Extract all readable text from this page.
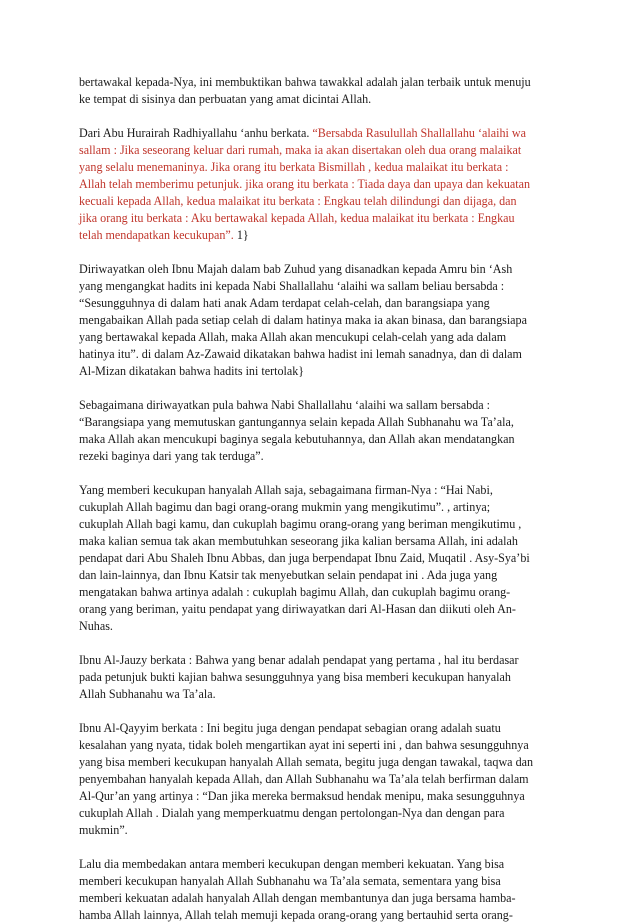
bertawakal kepada-Nya, ini membuktikan bahwa tawakkal adalah jalan terbaik untuk menuju
ke tempat di sisinya dan perbuatan yang amat dicintai Allah.
Dari Abu Hurairah Radhiyallahu ‘anhu berkata. “Bersabda Rasulullah Shallallahu ‘alaihi wa
sallam : Jika seseorang keluar dari rumah, maka ia akan disertakan oleh dua orang malaikat
yang selalu menemaninya. Jika orang itu berkata Bismillah , kedua malaikat itu berkata :
Allah telah memberimu petunjuk. jika orang itu berkata : Tiada daya dan upaya dan kekuatan
kecuali kepada Allah, kedua malaikat itu berkata : Engkau telah dilindungi dan dijaga, dan
jika orang itu berkata : Aku bertawakal kepada Allah, kedua malaikat itu berkata : Engkau
telah mendapatkan kecukupan”. 1}
Diriwayatkan oleh Ibnu Majah dalam bab Zuhud yang disanadkan kepada Amru bin ‘Ash
yang mengangkat hadits ini kepada Nabi Shallallahu ‘alaihi wa sallam beliau bersabda :
“Sesungguhnya di dalam hati anak Adam terdapat celah-celah, dan barangsiapa yang
mengabaikan Allah pada setiap celah di dalam hatinya maka ia akan binasa, dan barangsiapa
yang bertawakal kepada Allah, maka Allah akan mencukupi celah-celah yang ada dalam
hatinya itu”. di dalam Az-Zawaid dikatakan bahwa hadist ini lemah sanadnya, dan di dalam
Al-Mizan dikatakan bahwa hadits ini tertolak}
Sebagaimana diriwayatkan pula bahwa Nabi Shallallahu ‘alaihi wa sallam bersabda :
“Barangsiapa yang memutuskan gantungannya selain kepada Allah Subhanahu wa Ta’ala,
maka Allah akan mencukupi baginya segala kebutuhannya, dan Allah akan mendatangkan
rezeki baginya dari yang tak terduga”.
Yang memberi kecukupan hanyalah Allah saja, sebagaimana firman-Nya : “Hai Nabi,
cukuplah Allah bagimu dan bagi orang-orang mukmin yang mengikutimu”. , artinya;
cukuplah Allah bagi kamu, dan cukuplah bagimu orang-orang yang beriman mengikutimu ,
maka kalian semua tak akan membutuhkan seseorang jika kalian bersama Allah, ini adalah
pendapat dari Abu Shaleh Ibnu Abbas, dan juga berpendapat Ibnu Zaid, Muqatil . Asy-Sya’bi
dan lain-lainnya, dan Ibnu Katsir tak menyebutkan selain pendapat ini . Ada juga yang
mengatakan bahwa artinya adalah : cukuplah bagimu Allah, dan cukuplah bagimu orang-
orang yang beriman, yaitu pendapat yang diriwayatkan dari Al-Hasan dan diikuti oleh An-
Nuhas.
Ibnu Al-Jauzy berkata : Bahwa yang benar adalah pendapat yang pertama , hal itu berdasar
pada petunjuk bukti kajian bahwa sesungguhnya yang bisa memberi kecukupan hanyalah
Allah Subhanahu wa Ta’ala.
Ibnu Al-Qayyim berkata : Ini begitu juga dengan pendapat sebagian orang adalah suatu
kesalahan yang nyata, tidak boleh mengartikan ayat ini seperti ini , dan bahwa sesungguhnya
yang bisa memberi kecukupan hanyalah Allah semata, begitu juga dengan tawakal, taqwa dan
penyembahan hanyalah kepada Allah, dan Allah Subhanahu wa Ta’ala telah berfirman dalam
Al-Qur’an yang artinya : “Dan jika mereka bermaksud hendak menipu, maka sesungguhnya
cukuplah Allah . Dialah yang memperkuatmu dengan pertolongan-Nya dan dengan para
mukmin”.
Lalu dia membedakan antara memberi kecukupan dengan memberi kekuatan. Yang bisa
memberi kecukupan hanyalah Allah Subhanahu wa Ta’ala semata, sementara yang bisa
memberi kekuatan adalah hanyalah Allah dengan membantunya dan juga bersama hamba-
hamba Allah lainnya, Allah telah memuji kepada orang-orang yang bertauhid serta orang-
